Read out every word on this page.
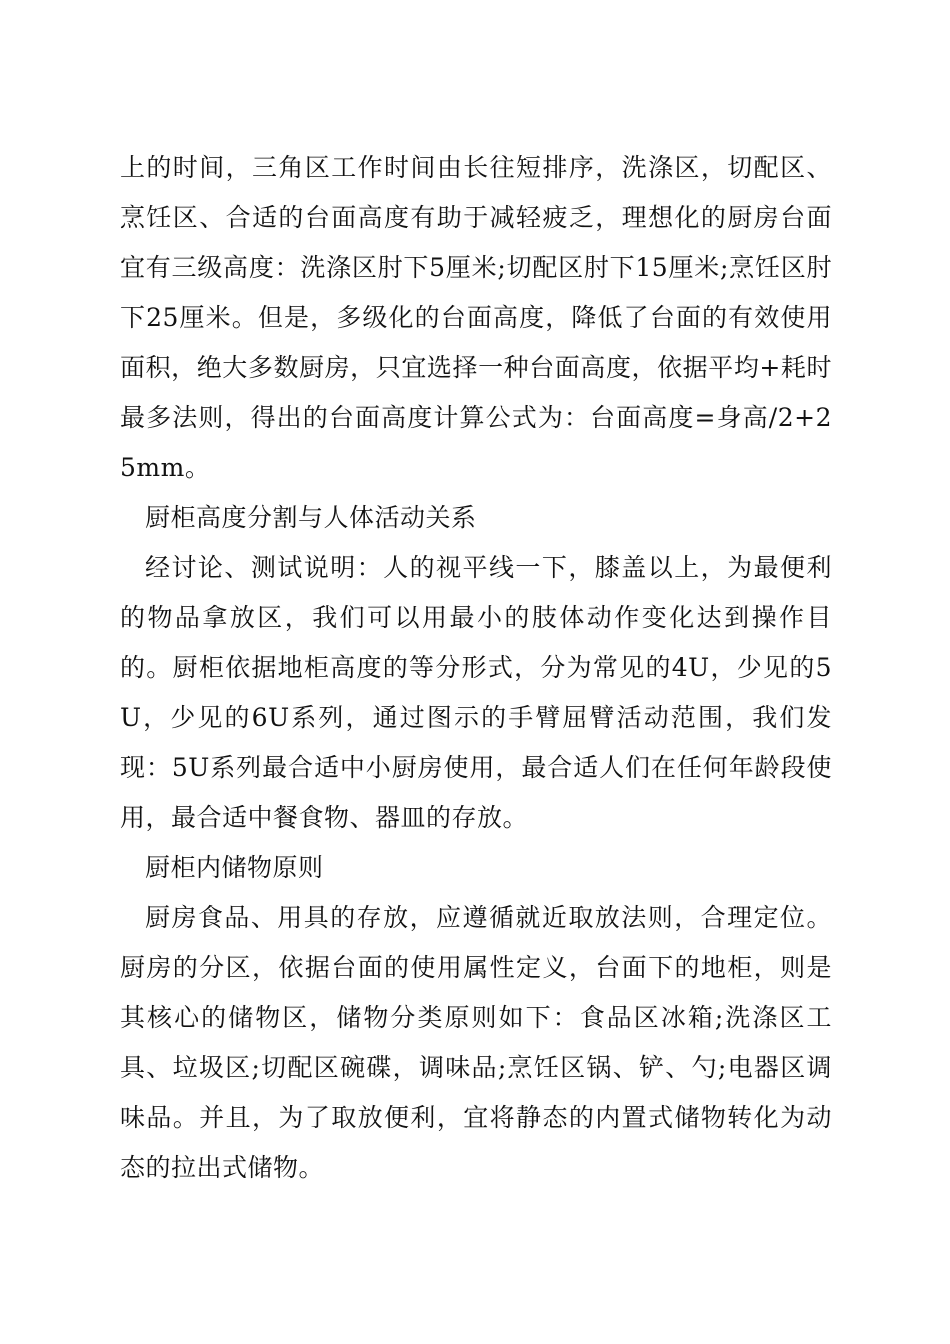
上的时间，三角区工作时间由长往短排序，洗涤区，切配区、烹饪区、合适的台面高度有助于减轻疲乏，理想化的厨房台面宜有三级高度：洗涤区肘下5厘米;切配区肘下15厘米;烹饪区肘下25厘米。但是，多级化的台面高度，降低了台面的有效使用面积，绝大多数厨房，只宜选择一种台面高度，依据平均+耗时最多法则，得出的台面高度计算公式为：台面高度=身高/2+25mm。

厨柜高度分割与人体活动关系

经讨论、测试说明：人的视平线一下，膝盖以上，为最便利的物品拿放区，我们可以用最小的肢体动作变化达到操作目的。厨柜依据地柜高度的等分形式，分为常见的4U，少见的5U，少见的6U系列，通过图示的手臂屈臂活动范围，我们发现：5U系列最合适中小厨房使用，最合适人们在任何年龄段使用，最合适中餐食物、器皿的存放。

厨柜内储物原则

厨房食品、用具的存放，应遵循就近取放法则，合理定位。厨房的分区，依据台面的使用属性定义，台面下的地柜，则是其核心的储物区，储物分类原则如下：食品区冰箱;洗涤区工具、垃圾区;切配区碗碟，调味品;烹饪区锅、铲、勺;电器区调味品。并且，为了取放便利，宜将静态的内置式储物转化为动态的拉出式储物。
